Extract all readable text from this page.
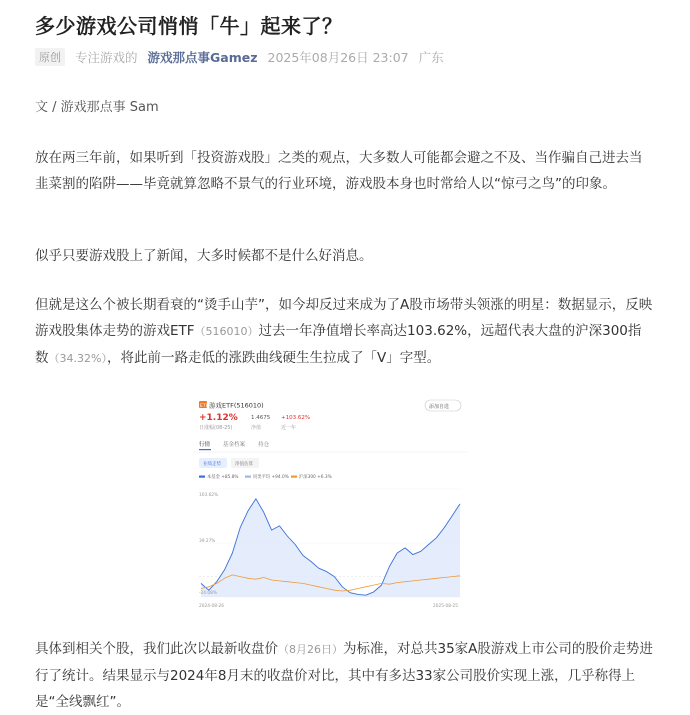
多少游戏公司悄悄「牛」起来了？
原创	专注游戏的 游戏那点事Gamez 2025年08月26日 23:07 广东
文 / 游戏那点事 Sam

放在两三年前，如果听到「投资游戏股」之类的观点，大多数人可能都会避之不及、当作骗自己进去当韭菜割的陷阱——毕竟就算忽略不景气的行业环境，游戏股本身也时常给人以“惊弓之鸟”的印象。

似乎只要游戏股上了新闻，大多时候都不是什么好消息。

但就是这么个被长期看衰的“烫手山芋”，如今却反过来成为了A股市场带头领涨的明星：数据显示，反映游戏股集体走势的游戏ETF（516010）过去一年净值增长率高达103.62%，远超代表大盘的沪深300指数（34.32%），将此前一路走低的涨跌曲线硬生生拉成了「V」字型。

ETF 游戏ETF(516010)	添加自选
+1.12% 1.4675 +103.62%
日涨幅(08-25)	净值	近一年
行情 基金档案 持仓
业绩走势	净值估算
本基金 +85.8%	同类平均 +94.0% 沪深300 +6.3%
103.62%
39.27%
-24.08%
2024-08-26	2025-08-25

具体到相关个股，我们此次以最新收盘价（8月26日）为标准，对总共35家A股游戏上市公司的股价走势进行了统计。结果显示与2024年8月末的收盘价对比，其中有多达33家公司股价实现上涨，几乎称得上是“全线飘红”。
